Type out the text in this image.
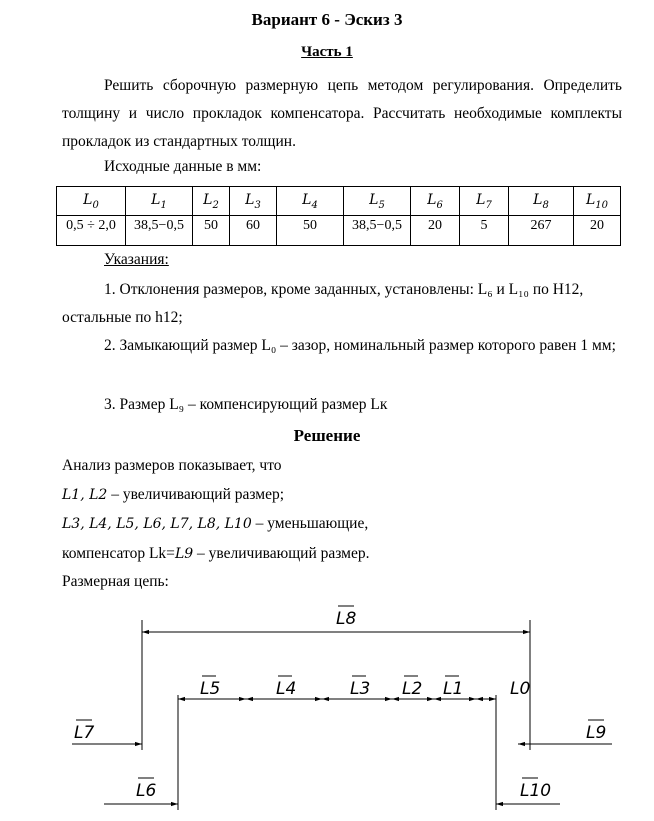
Вариант 6 - Эскиз 3
Часть 1
Решить сборочную размерную цепь методом регулирования. Определить толщину и число прокладок компенсатора. Рассчитать необходимые комплекты прокладок из стандартных толщин.
Исходные данные в мм:
$L_0$	$L_1$	$L_2$	$L_3$	$L_4$	$L_5$	$L_6$	$L_7$	$L_8$	$L_{10}$
0,5 ÷ 2,0	38,5−0,5	50	60	50	38,5−0,5	20	5	267	20
Указания:
1. Отклонения размеров, кроме заданных, установлены: L₆ и L₁₀ по H12, остальные по h12;
2. Замыкающий размер L₀ – зазор, номинальный размер которого равен 1 мм;
3. Размер L₉ – компенсирующий размер Lк
Решение
Анализ размеров показывает, что
L1, L2 – увеличивающий размер;
L3, L4, L5, L6, L7, L8, L10 – уменьшающие,
компенсатор Lk=L9 – увеличивающий размер.
Размерная цепь:
L8
L5	L4	L3 L2 L1	L0
L7	L9
L6	L10
